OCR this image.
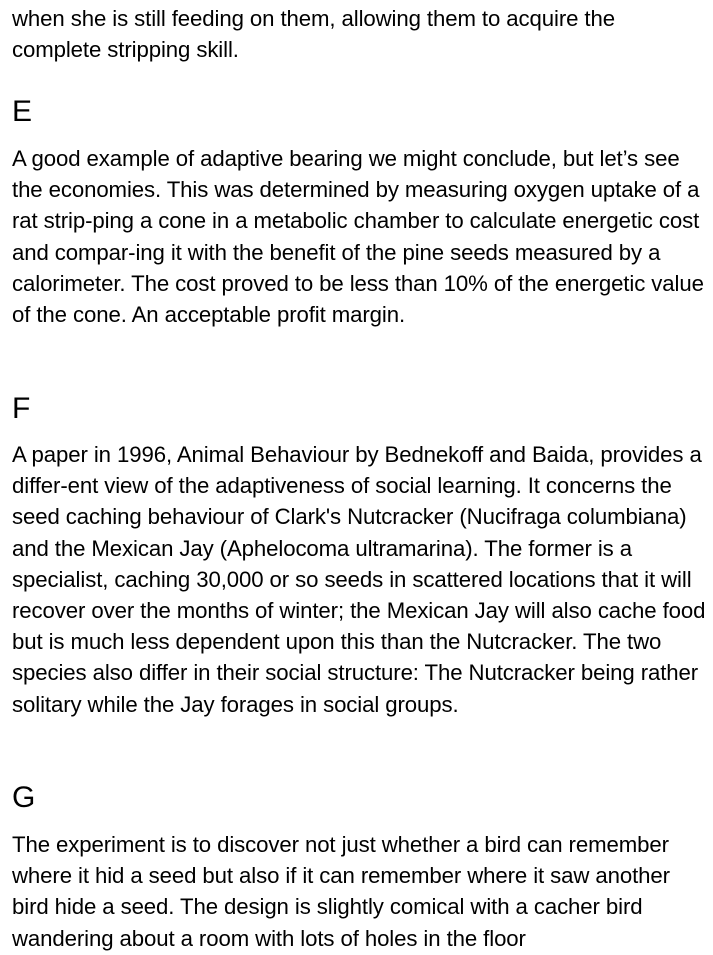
when she is still feeding on them, allowing them to acquire the complete stripping skill.

E

A good example of adaptive bearing we might conclude, but let’s see the economies. This was determined by measuring oxygen uptake of a rat strip-ping a cone in a metabolic chamber to calculate energetic cost and compar-ing it with the benefit of the pine seeds measured by a calorimeter. The cost proved to be less than 10% of the energetic value of the cone. An acceptable profit margin.

F

A paper in 1996, Animal Behaviour by Bednekoff and Baida, provides a differ-ent view of the adaptiveness of social learning. It concerns the seed caching behaviour of Clark's Nutcracker (Nucifraga columbiana) and the Mexican Jay (Aphelocoma ultramarina). The former is a specialist, caching 30,000 or so seeds in scattered locations that it will recover over the months of winter; the Mexican Jay will also cache food but is much less dependent upon this than the Nutcracker. The two species also differ in their social structure: The Nutcracker being rather solitary while the Jay forages in social groups.

G

The experiment is to discover not just whether a bird can remember where it hid a seed but also if it can remember where it saw another bird hide a seed. The design is slightly comical with a cacher bird wandering about a room with lots of holes in the floor
